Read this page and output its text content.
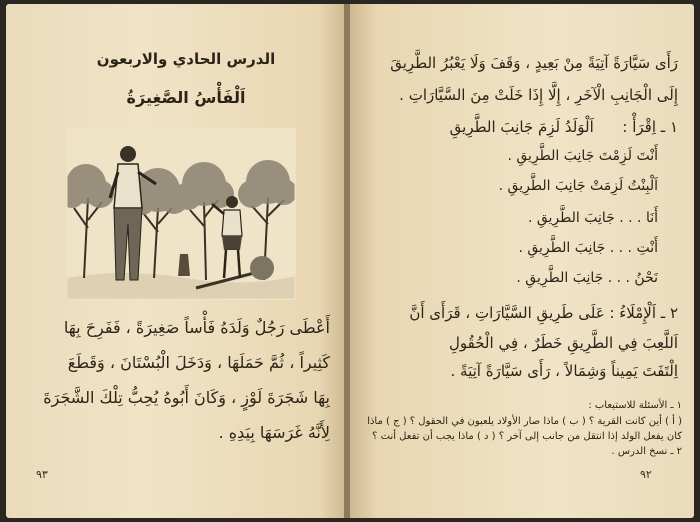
الدرس الحادي والاربعون
اَلْفَأْسُ الصَّغِيرَةُ

أَعْطَى رَجُلٌ وَلَدَهُ فَأْساً صَغِيرَةً ، فَفَرِحَ بِهَا

كَثِيراً ، ثُمَّ حَمَلَهَا ، وَدَخَلَ الْبُسْتَانَ ، وَقَطَعَ

بِهَا شَجَرَةَ لَوْزٍ ، وَكَانَ أَبُوهُ يُحِبُّ تِلْكَ الشَّجَرَةَ

لِأَنَّهُ غَرَسَهَا بِيَدِهِ .

٩٣
رَأَى سَيَّارَةً آتِيَةً مِنْ بَعِيدٍ ، وَقَفَ وَلَا يَعْبُرُ الطَّرِيقَ
إِلَى الْجَانِبِ الْآخَرِ ، إِلَّا إِذَا خَلَتْ مِنَ السَّيَّارَاتِ .
١ ـ اِقْرَأْ :      اَلْوَلَدُ لَزِمَ جَانِبَ الطَّرِيقِ
أَنْتَ لَزِمْتَ جَانِبَ الطَّرِيقِ .
اَلْبِنْتُ لَزِمَتْ جَانِبَ الطَّرِيقِ .
أَنَا . . . جَانِبَ الطَّرِيقِ .
أَنْتِ . . . جَانِبَ الطَّرِيقِ .
نَحْنُ . . . جَانِبَ الطَّرِيقِ .
٢ ـ اَلْإِمْلَاءُ : عَلَى طَرِيقِ السَّيَّارَاتِ ، قَرَأَى أَنَّ
اَللَّعِبَ فِي الطَّرِيقِ خَطَرٌ ، فِي الْحُقُولِ
اِلْتَفَتَ يَمِيناً وَشِمَالاً ، رَأَى سَيَّارَةً آتِيَةً .
١ ـ الأسئلة للاستيعاب :
( أ ) أين كانت القرية ؟ ( ب ) ماذا صار الأولاد يلعبون في الحقول ؟ ( ج ) ماذا
كان يفعل الولد إذا انتقل من جانب إلى آخر ؟ ( د ) ماذا يجب أن تفعل أنت ؟
٢ ـ نسخ الدرس .
٩٢
